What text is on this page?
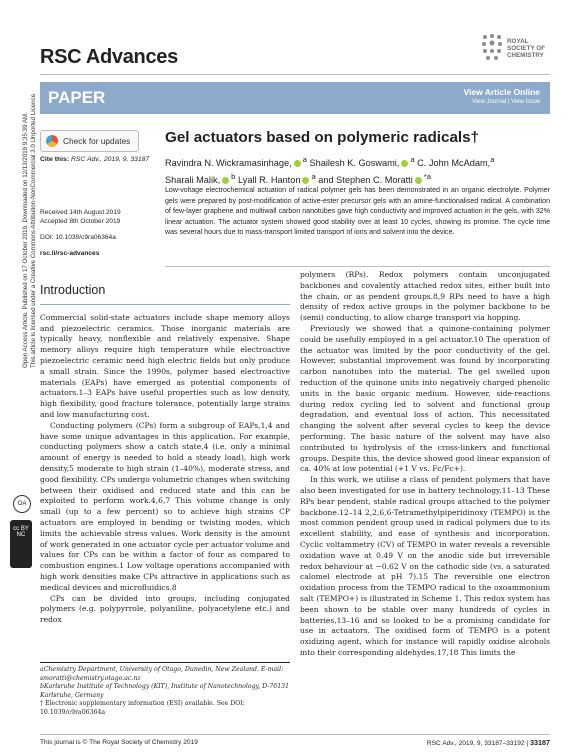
Open Access Article. Published on 17 October 2019. Downloaded on 12/13/2019 9:35:39 AM. This article is licensed under a Creative Commons Attribution-NonCommercial 3.0 Unported Licence.
OA
cc BY NC
RSC Advances
ROYAL SOCIETY OF CHEMISTRY
PAPER	View Article Online
View Journal | View Issue
Check for updates Gel actuators based on polymeric radicals†
Cite this: RSC Adv., 2019, 9, 33187 Ravindra N. Wickramasinhage, $^a$ Shailesh K. Goswami, $^a$ C. John McAdam,$^a$
Sharali Malik, $^b$ Lyall R. Hanton $^a$ and Stephen C. Moratti $^{*a}$
Low-voltage electrochemical actuation of radical polymer gels has been demonstrated in an organic electrolyte. Polymer gels were prepared by post-modification of active-ester precursor gels with an amine-functionalised radical. A combination of few-layer graphene and multiwall carbon nanotubes gave high conductivity and improved actuation in the gels, with 32% linear actuation. The actuator system showed good stability over at least 10 cycles, showing its promise. The cycle time was several hours due to mass-transport limited transport of ions and solvent into the device.
Received 14th August 2019
Accepted 8th October 2019
DOI: 10.1039/c9ra06364a
rsc.li/rsc-advances
Introduction

Commercial solid-state actuators include shape memory alloys and piezoelectric ceramics. Those inorganic materials are typically heavy, nonflexible and relatively expensive. Shape memory alloys require high temperature while electroactive piezoelectric ceramic need high electric fields but only produce a small strain. Since the 1990s, polymer based electroactive materials (EAPs) have emerged as potential components of actuators.1–3 EAPs have useful properties such as low density, high flexibility, good fracture tolerance, potentially large strains and low manufacturing cost.

Conducting polymers (CPs) form a subgroup of EAPs,1,4 and have some unique advantages in this application. For example, conducting polymers show a catch state,4 (i.e. only a minimal amount of energy is needed to hold a steady load), high work density,5 moderate to high strain (1–40%), moderate stress, and good flexibility. CPs undergo volumetric changes when switching between their oxidised and reduced state and this can be exploited to perform work.4,6,7 This volume change is only small (up to a few percent) so to achieve high strains CP actuators are employed in bending or twisting modes, which limits the achievable stress values. Work density is the amount of work generated in one actuator cycle per actuator volume and values for CPs can be within a factor of four as compared to combustion engines.1 Low voltage operations accompanied with high work densities make CPs attractive in applications such as medical devices and microfluidics.8

CPs can be divided into groups, including conjugated polymers (e.g. polypyrrole, polyaniline, polyacetylene etc.) and redox

polymers (RPs). Redox polymers contain unconjugated backbones and covalently attached redox sites, either built into the chain, or as pendent groups.8,9 RPs need to have a high density of redox active groups in the polymer backbone to be (semi) conducting, to allow charge transport via hopping.

Previously we showed that a quinone-containing polymer could be usefully employed in a gel actuator.10 The operation of the actuator was limited by the poor conductivity of the gel. However, substantial improvement was found by incorporating carbon nanotubes into the material. The gel swelled upon reduction of the quinone units into negatively charged phenolic units in the basic organic medium. However, side-reactions during redox cycling led to solvent and functional group degradation, and eventual loss of action. This necessitated changing the solvent after several cycles to keep the device performing. The basic nature of the solvent may have also contributed to hydrolysis of the cross-linkers and functional groups. Despite this, the device showed good linear expansion of ca. 40% at low potential (+1 V vs. Fc/Fc+).

In this work, we utilise a class of pendent polymers that have also been investigated for use in battery technology.11–13 These RPs bear pendent, stable radical groups attached to the polymer backbone.12–14 2,2,6,6-Tetramethylpiperidinoxy (TEMPO) is the most common pendent group used in radical polymers due to its excellent stability, and ease of synthesis and incorporation. Cyclic voltammetry (CV) of TEMPO in water reveals a reversible oxidation wave at 0.49 V on the anodic side but irreversible redox behaviour at −0.62 V on the cathodic side (vs. a saturated calomel electrode at pH 7).15 The reversible one electron oxidation process from the TEMPO radical to the oxoammonium salt (TEMPO+) is illustrated in Scheme 1. This redox system has been shown to be stable over many hundreds of cycles in batteries,13–16 and so looked to be a promising candidate for use in actuators. The oxidised form of TEMPO is a potent oxidizing agent, which for instance will rapidly oxidise alcohols into their corresponding aldehydes.17,18 This limits the

aChemistry Department, University of Otago, Dunedin, New Zealand. E-mail: smoratti@chemistry.otago.ac.nz
bKarlsruhe Institute of Technology (KIT), Institute of Nanotechnology, D-76131 Karlsruhe, Germany
† Electronic supplementary information (ESI) available. See DOI: 10.1039/c9ra06364a
This journal is © The Royal Society of Chemistry 2019	RSC Adv., 2019, 9, 33187–33192 | 33187
